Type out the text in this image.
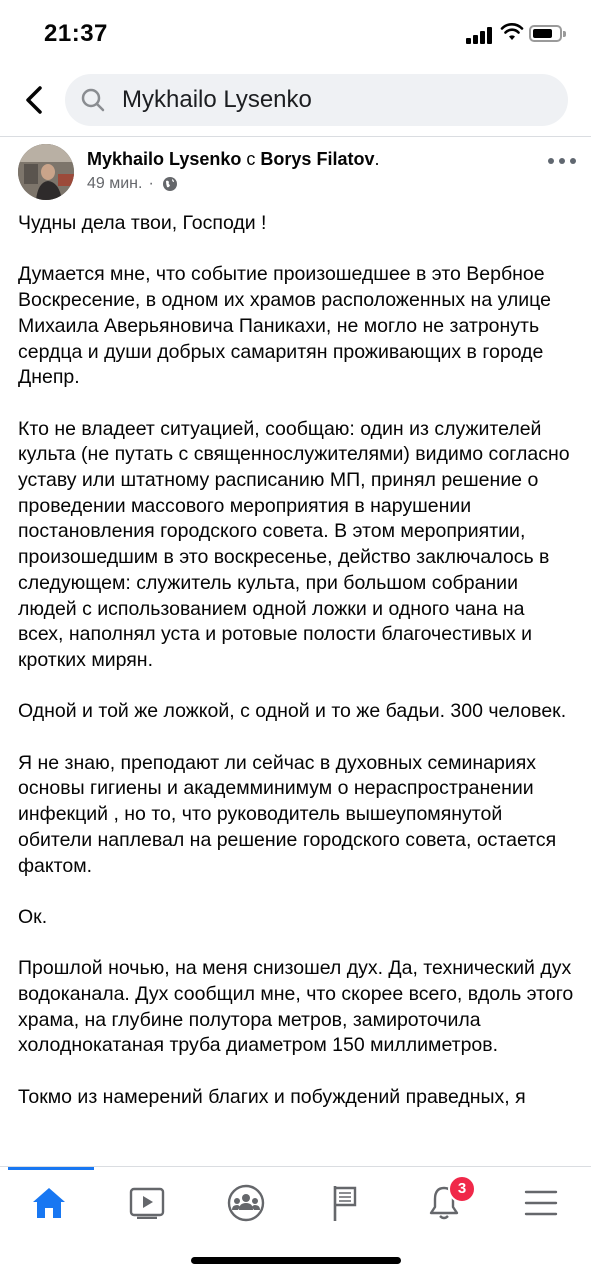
21:37
Mykhailo Lysenko
Mykhailo Lysenko с Borys Filatov.
49 мин. ·

Чудны дела твои, Господи !

Думается мне, что событие произошедшее в это Вербное Воскресение, в одном их храмов расположенных на улице Михаила Аверьяновича Паникахи, не могло не затронуть сердца и души добрых самаритян проживающих в городе Днепр.

Кто не владеет ситуацией, сообщаю: один из служителей культа (не путать с священнослужителями) видимо согласно уставу или штатному расписанию МП, принял решение о проведении массового мероприятия в нарушении постановления городского совета. В этом мероприятии, произошедшим в это воскресенье, действо заключалось в следующем: служитель культа, при большом собрании людей с использованием одной ложки и одного чана на всех, наполнял уста и ротовые полости благочестивых и кротких мирян.

Одной и той же ложкой, с одной и то же бадьи. 300 человек.

Я не знаю, преподают ли сейчас в духовных семинариях основы гигиены и академминимум о нераспространении инфекций , но то, что руководитель вышеупомянутой обители наплевал на решение городского совета, остается фактом.

Ок.

Прошлой ночью, на меня снизошел дух. Да, технический дух водоканала. Дух сообщил мне, что скорее всего, вдоль этого храма, на глубине полутора метров, замироточила холоднокатаная труба диаметром 150 миллиметров.

Токмо из намерений благих и побуждений праведных, я

3
